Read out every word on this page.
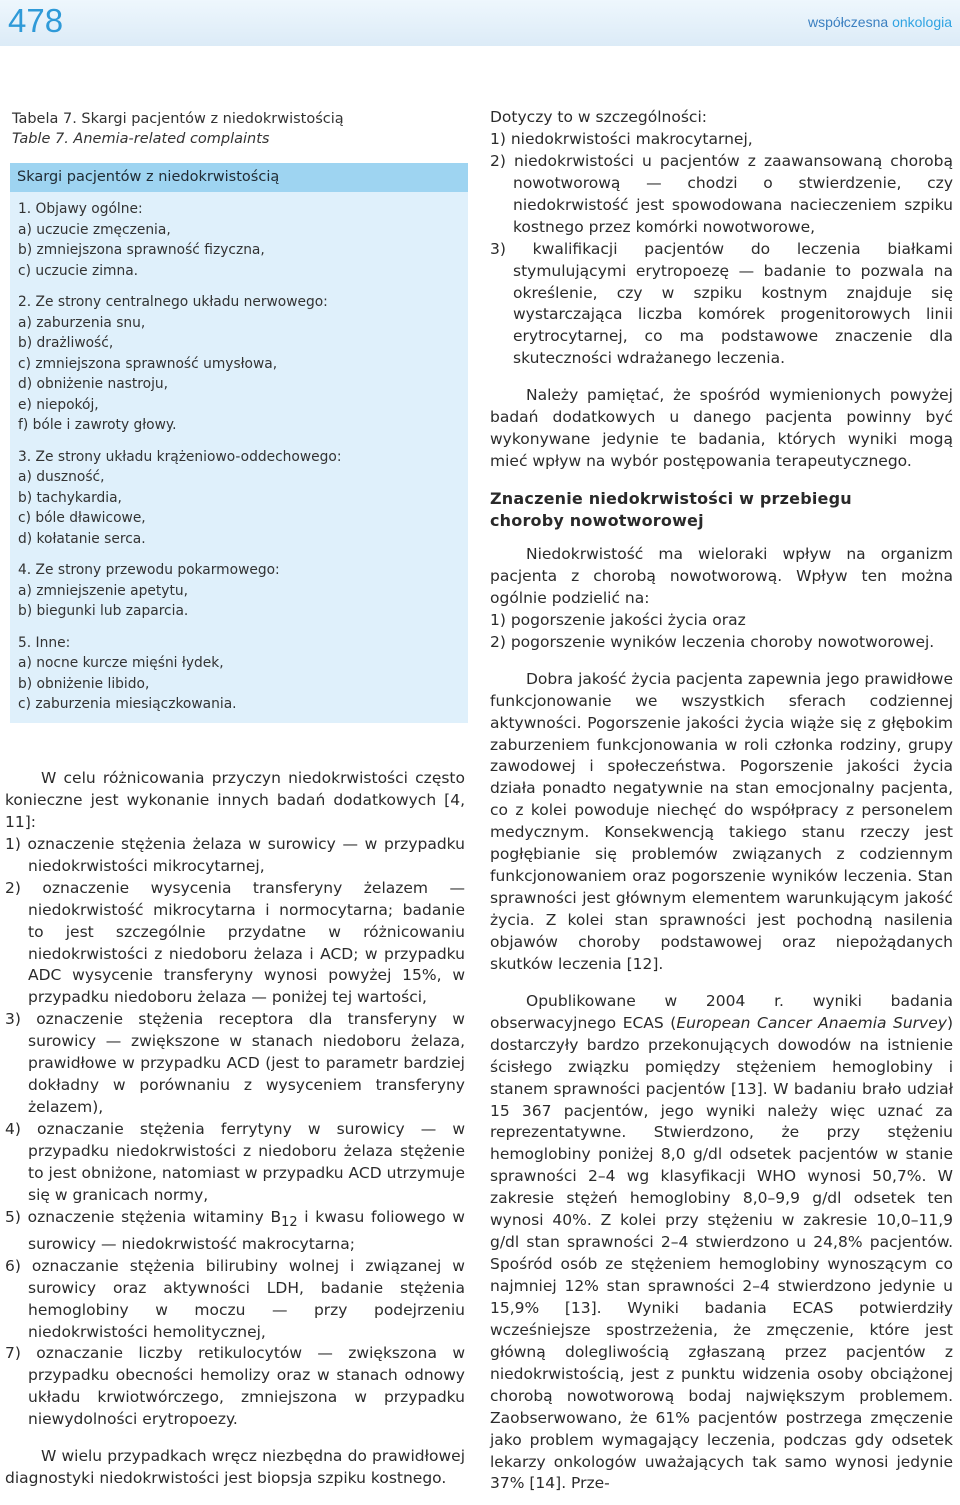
478	współczesna onkologia
Tabela 7. Skargi pacjentów z niedokrwistością
Table 7. Anemia-related complaints
Skargi pacjentów z niedokrwistością
1. Objawy ogólne:
a) uczucie zmęczenia,
b) zmniejszona sprawność fizyczna,
c) uczucie zimna.
2. Ze strony centralnego układu nerwowego:
a) zaburzenia snu,
b) drażliwość,
c) zmniejszona sprawność umysłowa,
d) obniżenie nastroju,
e) niepokój,
f) bóle i zawroty głowy.
3. Ze strony układu krążeniowo-oddechowego:
a) duszność,
b) tachykardia,
c) bóle dławicowe,
d) kołatanie serca.
4. Ze strony przewodu pokarmowego:
a) zmniejszenie apetytu,
b) biegunki lub zaparcia.
5. Inne:
a) nocne kurcze mięśni łydek,
b) obniżenie libido,
c) zaburzenia miesiączkowania.

W celu różnicowania przyczyn niedokrwistości często konieczne jest wykonanie innych badań dodatkowych [4, 11]:

1) oznaczenie stężenia żelaza w surowicy — w przypadku niedokrwistości mikrocytarnej,

2) oznaczenie wysycenia transferyny żelazem — niedokrwistość mikrocytarna i normocytarna; badanie to jest szczególnie przydatne w różnicowaniu niedokrwistości z niedoboru żelaza i ACD; w przypadku ADC wysycenie transferyny wynosi powyżej 15%, w przypadku niedoboru żelaza — poniżej tej wartości,

3) oznaczenie stężenia receptora dla transferyny w surowicy — zwiększone w stanach niedoboru żelaza, prawidłowe w przypadku ACD (jest to parametr bardziej dokładny w porównaniu z wysyceniem transferyny żelazem),

4) oznaczanie stężenia ferrytyny w surowicy — w przypadku niedokrwistości z niedoboru żelaza stężenie to jest obniżone, natomiast w przypadku ACD utrzymuje się w granicach normy,

5) oznaczenie stężenia witaminy $B_{12}$ i kwasu foliowego w surowicy — niedokrwistość makrocytarna;

6) oznaczanie stężenia bilirubiny wolnej i związanej w surowicy oraz aktywności LDH, badanie stężenia hemoglobiny w moczu — przy podejrzeniu niedokrwistości hemolitycznej,

7) oznaczanie liczby retikulocytów — zwiększona w przypadku obecności hemolizy oraz w stanach odnowy układu krwiotwórczego, zmniejszona w przypadku niewydolności erytropoezy.

W wielu przypadkach wręcz niezbędna do prawidłowej diagnostyki niedokrwistości jest biopsja szpiku kostnego.

Dotyczy to w szczególności:

1) niedokrwistości makrocytarnej,

2) niedokrwistości u pacjentów z zaawansowaną chorobą nowotworową — chodzi o stwierdzenie, czy niedokrwistość jest spowodowana nacieczeniem szpiku kostnego przez komórki nowotworowe,

3) kwalifikacji pacjentów do leczenia białkami stymulującymi erytropoezę — badanie to pozwala na określenie, czy w szpiku kostnym znajduje się wystarczająca liczba komórek progenitorowych linii erytrocytarnej, co ma podstawowe znaczenie dla skuteczności wdrażanego leczenia.

Należy pamiętać, że spośród wymienionych powyżej badań dodatkowych u danego pacjenta powinny być wykonywane jedynie te badania, których wyniki mogą mieć wpływ na wybór postępowania terapeutycznego.

Znaczenie niedokrwistości w przebiegu
choroby nowotworowej

Niedokrwistość ma wieloraki wpływ na organizm pacjenta z chorobą nowotworową. Wpływ ten można ogólnie podzielić na:

1) pogorszenie jakości życia oraz

2) pogorszenie wyników leczenia choroby nowotworowej.

Dobra jakość życia pacjenta zapewnia jego prawidłowe funkcjonowanie we wszystkich sferach codziennej aktywności. Pogorszenie jakości życia wiąże się z głębokim zaburzeniem funkcjonowania w roli członka rodziny, grupy zawodowej i społeczeństwa. Pogorszenie jakości życia działa ponadto negatywnie na stan emocjonalny pacjenta, co z kolei powoduje niechęć do współpracy z personelem medycznym. Konsekwencją takiego stanu rzeczy jest pogłębianie się problemów związanych z codziennym funkcjonowaniem oraz pogorszenie wyników leczenia. Stan sprawności jest głównym elementem warunkującym jakość życia. Z kolei stan sprawności jest pochodną nasilenia objawów choroby podstawowej oraz niepożądanych skutków leczenia [12].

Opublikowane w 2004 r. wyniki badania obserwacyjnego ECAS (European Cancer Anaemia Survey) dostarczyły bardzo przekonujących dowodów na istnienie ścisłego związku pomiędzy stężeniem hemoglobiny i stanem sprawności pacjentów [13]. W badaniu brało udział 15 367 pacjentów, jego wyniki należy więc uznać za reprezentatywne. Stwierdzono, że przy stężeniu hemoglobiny poniżej 8,0 g/dl odsetek pacjentów w stanie sprawności 2–4 wg klasyfikacji WHO wynosi 50,7%. W zakresie stężeń hemoglobiny 8,0–9,9 g/dl odsetek ten wynosi 40%. Z kolei przy stężeniu w zakresie 10,0–11,9 g/dl stan sprawności 2–4 stwierdzono u 24,8% pacjentów. Spośród osób ze stężeniem hemoglobiny wynoszącym co najmniej 12% stan sprawności 2–4 stwierdzono jedynie u 15,9% [13]. Wyniki badania ECAS potwierdziły wcześniejsze spostrzeżenia, że zmęczenie, które jest główną dolegliwością zgłaszaną przez pacjentów z niedokrwistością, jest z punktu widzenia osoby obciążonej chorobą nowotworową bodaj największym problemem. Zaobserwowano, że 61% pacjentów postrzega zmęczenie jako problem wymagający leczenia, podczas gdy odsetek lekarzy onkologów uważających tak samo wynosi jedynie 37% [14]. Prze-
